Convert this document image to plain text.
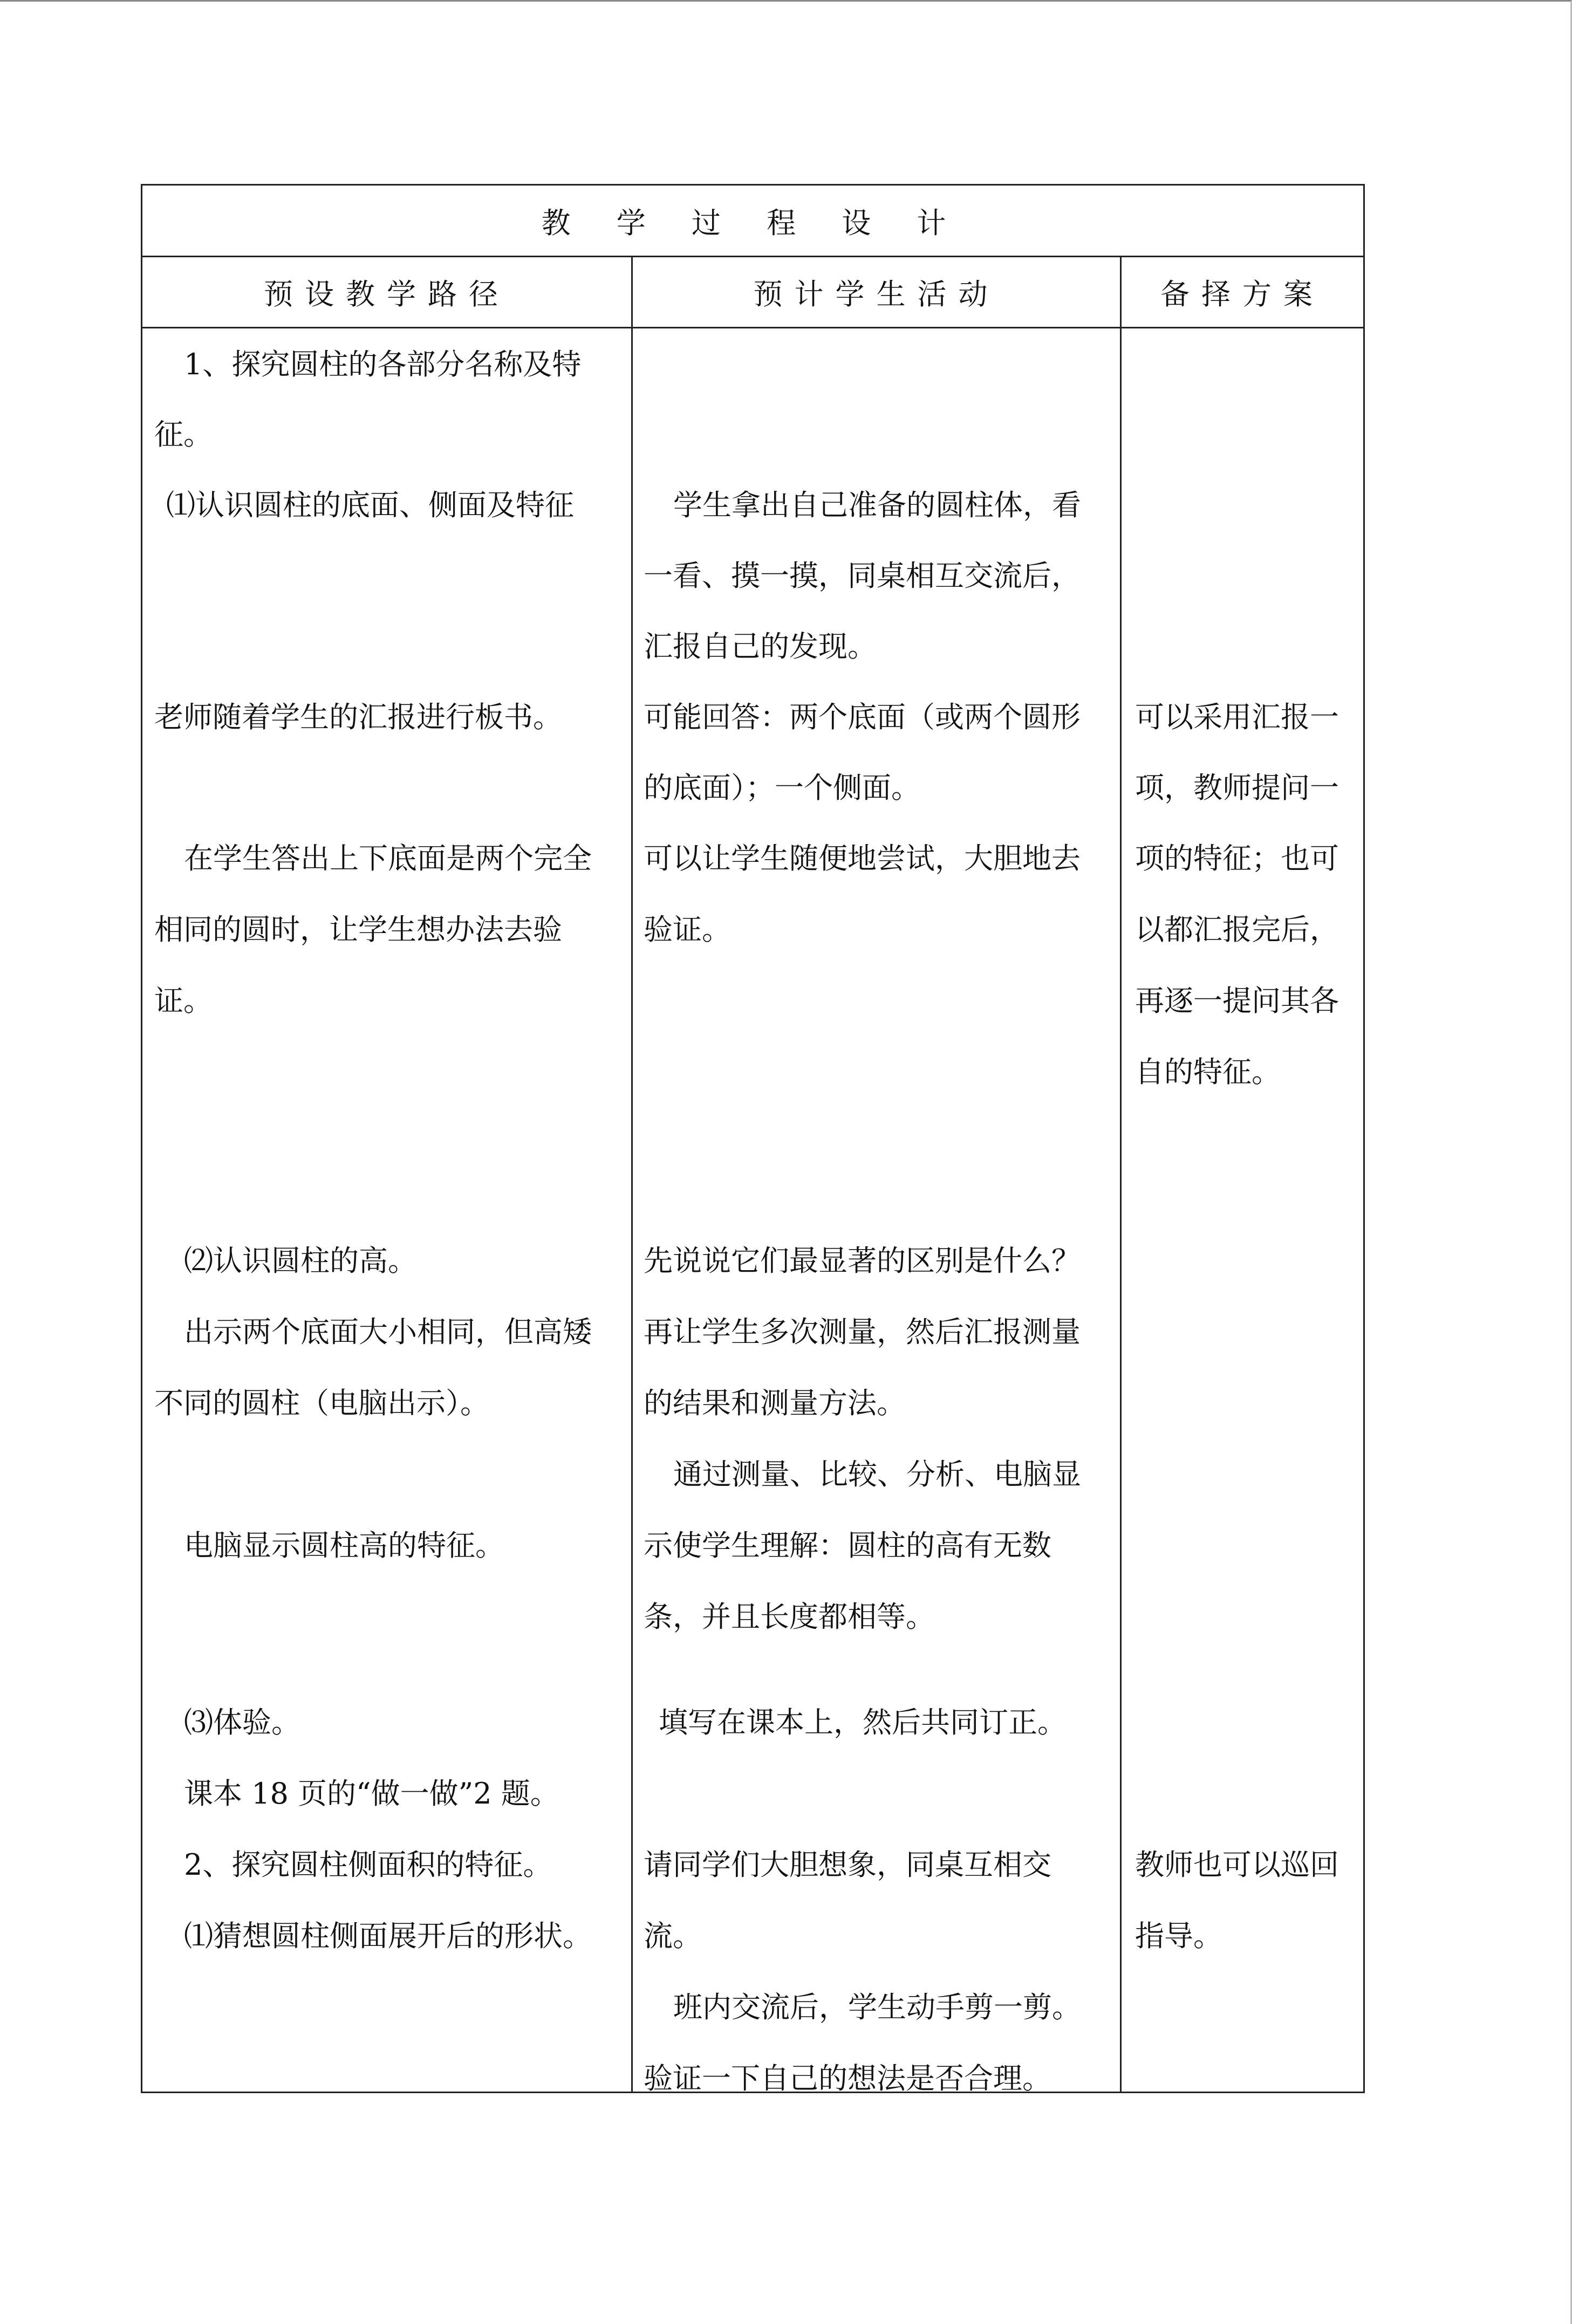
教 学 过 程 设 计
预设教学路径	预计学生活动	备择方案
1、探究圆柱的各部分名称及特
征。
⑴认识圆柱的底面、侧面及特征
老师随着学生的汇报进行板书。
在学生答出上下底面是两个完全
相同的圆时，让学生想办法去验
证。
⑵认识圆柱的高。
出示两个底面大小相同，但高矮
不同的圆柱（电脑出示）。
电脑显示圆柱高的特征。
⑶体验。
课本 18 页的“做一做”2 题。
2、探究圆柱侧面积的特征。
⑴猜想圆柱侧面展开后的形状。
学生拿出自己准备的圆柱体，看
一看、摸一摸，同桌相互交流后，
汇报自己的发现。
可能回答：两个底面（或两个圆形
的底面）；一个侧面。
可以让学生随便地尝试，大胆地去
验证。
先说说它们最显著的区别是什么？
再让学生多次测量，然后汇报测量
的结果和测量方法。
通过测量、比较、分析、电脑显
示使学生理解：圆柱的高有无数
条，并且长度都相等。
填写在课本上，然后共同订正。
请同学们大胆想象，同桌互相交
流。
班内交流后，学生动手剪一剪。
验证一下自己的想法是否合理。
可以采用汇报一
项，教师提问一
项的特征；也可
以都汇报完后，
再逐一提问其各
自的特征。
教师也可以巡回
指导。
